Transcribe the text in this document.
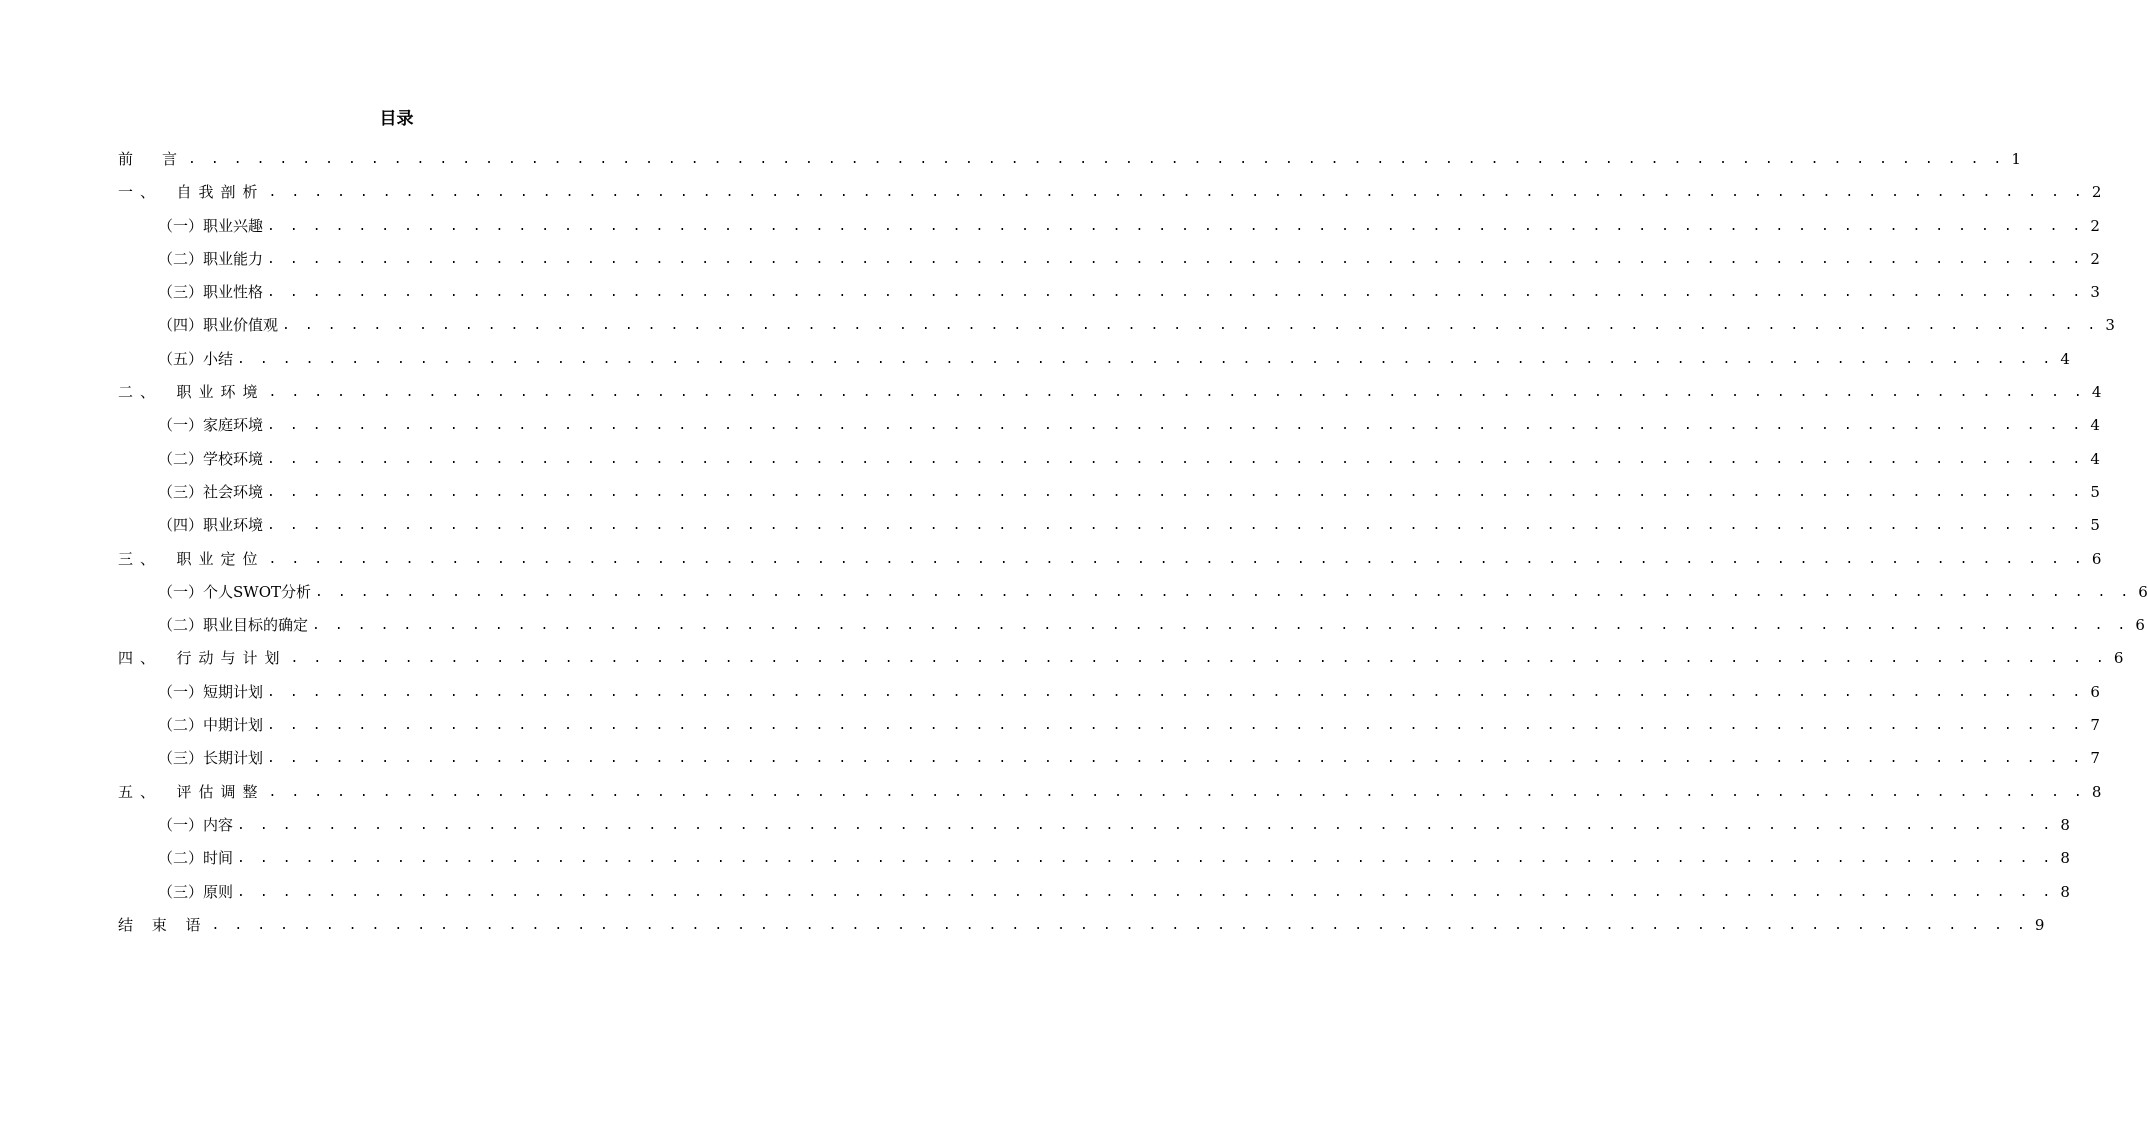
目录
前　言 . . . . . . . . . . . . . . . . . . . . . . . . . . . . . . . . . . . . . . . . . . . . . . . . . . . . . . . . . . . . . . . . . . . . . . . . . . . . . . . . 1
一、　自我剖析 . . . . . . . . . . . . . . . . . . . . . . . . . . . . . . . . . . . . . . . . . . . . . . . . . . . . . . . . . . . . . . . . . . . . . . . . . . . . . . . . 2
（一）职业兴趣 . . . . . . . . . . . . . . . . . . . . . . . . . . . . . . . . . . . . . . . . . . . . . . . . . . . . . . . . . . . . . . . . . . . . . . . . . . . . . . . . 2
（二）职业能力 . . . . . . . . . . . . . . . . . . . . . . . . . . . . . . . . . . . . . . . . . . . . . . . . . . . . . . . . . . . . . . . . . . . . . . . . . . . . . . . . 2
（三）职业性格 . . . . . . . . . . . . . . . . . . . . . . . . . . . . . . . . . . . . . . . . . . . . . . . . . . . . . . . . . . . . . . . . . . . . . . . . . . . . . . . . 3
（四）职业价值观 . . . . . . . . . . . . . . . . . . . . . . . . . . . . . . . . . . . . . . . . . . . . . . . . . . . . . . . . . . . . . . . . . . . . . . . . . . . . . . . . 3
（五）小结 . . . . . . . . . . . . . . . . . . . . . . . . . . . . . . . . . . . . . . . . . . . . . . . . . . . . . . . . . . . . . . . . . . . . . . . . . . . . . . . . 4
二、　职业环境 . . . . . . . . . . . . . . . . . . . . . . . . . . . . . . . . . . . . . . . . . . . . . . . . . . . . . . . . . . . . . . . . . . . . . . . . . . . . . . . . 4
（一）家庭环境 . . . . . . . . . . . . . . . . . . . . . . . . . . . . . . . . . . . . . . . . . . . . . . . . . . . . . . . . . . . . . . . . . . . . . . . . . . . . . . . . 4
（二）学校环境 . . . . . . . . . . . . . . . . . . . . . . . . . . . . . . . . . . . . . . . . . . . . . . . . . . . . . . . . . . . . . . . . . . . . . . . . . . . . . . . . 4
（三）社会环境 . . . . . . . . . . . . . . . . . . . . . . . . . . . . . . . . . . . . . . . . . . . . . . . . . . . . . . . . . . . . . . . . . . . . . . . . . . . . . . . . 5
（四）职业环境 . . . . . . . . . . . . . . . . . . . . . . . . . . . . . . . . . . . . . . . . . . . . . . . . . . . . . . . . . . . . . . . . . . . . . . . . . . . . . . . . 5
三、　职业定位 . . . . . . . . . . . . . . . . . . . . . . . . . . . . . . . . . . . . . . . . . . . . . . . . . . . . . . . . . . . . . . . . . . . . . . . . . . . . . . . . 6
（一）个人SWOT分析 . . . . . . . . . . . . . . . . . . . . . . . . . . . . . . . . . . . . . . . . . . . . . . . . . . . . . . . . . . . . . . . . . . . . . . . . . . . . . . . . 6
（二）职业目标的确定 . . . . . . . . . . . . . . . . . . . . . . . . . . . . . . . . . . . . . . . . . . . . . . . . . . . . . . . . . . . . . . . . . . . . . . . . . . . . . . . . 6
四、　行动与计划 . . . . . . . . . . . . . . . . . . . . . . . . . . . . . . . . . . . . . . . . . . . . . . . . . . . . . . . . . . . . . . . . . . . . . . . . . . . . . . . . 6
（一）短期计划 . . . . . . . . . . . . . . . . . . . . . . . . . . . . . . . . . . . . . . . . . . . . . . . . . . . . . . . . . . . . . . . . . . . . . . . . . . . . . . . . 6
（二）中期计划 . . . . . . . . . . . . . . . . . . . . . . . . . . . . . . . . . . . . . . . . . . . . . . . . . . . . . . . . . . . . . . . . . . . . . . . . . . . . . . . . 7
（三）长期计划 . . . . . . . . . . . . . . . . . . . . . . . . . . . . . . . . . . . . . . . . . . . . . . . . . . . . . . . . . . . . . . . . . . . . . . . . . . . . . . . . 7
五、　评估调整 . . . . . . . . . . . . . . . . . . . . . . . . . . . . . . . . . . . . . . . . . . . . . . . . . . . . . . . . . . . . . . . . . . . . . . . . . . . . . . . . 8
（一）内容 . . . . . . . . . . . . . . . . . . . . . . . . . . . . . . . . . . . . . . . . . . . . . . . . . . . . . . . . . . . . . . . . . . . . . . . . . . . . . . . . 8
（二）时间 . . . . . . . . . . . . . . . . . . . . . . . . . . . . . . . . . . . . . . . . . . . . . . . . . . . . . . . . . . . . . . . . . . . . . . . . . . . . . . . . 8
（三）原则 . . . . . . . . . . . . . . . . . . . . . . . . . . . . . . . . . . . . . . . . . . . . . . . . . . . . . . . . . . . . . . . . . . . . . . . . . . . . . . . . 8
结 束 语 . . . . . . . . . . . . . . . . . . . . . . . . . . . . . . . . . . . . . . . . . . . . . . . . . . . . . . . . . . . . . . . . . . . . . . . . . . . . . . . . 9
